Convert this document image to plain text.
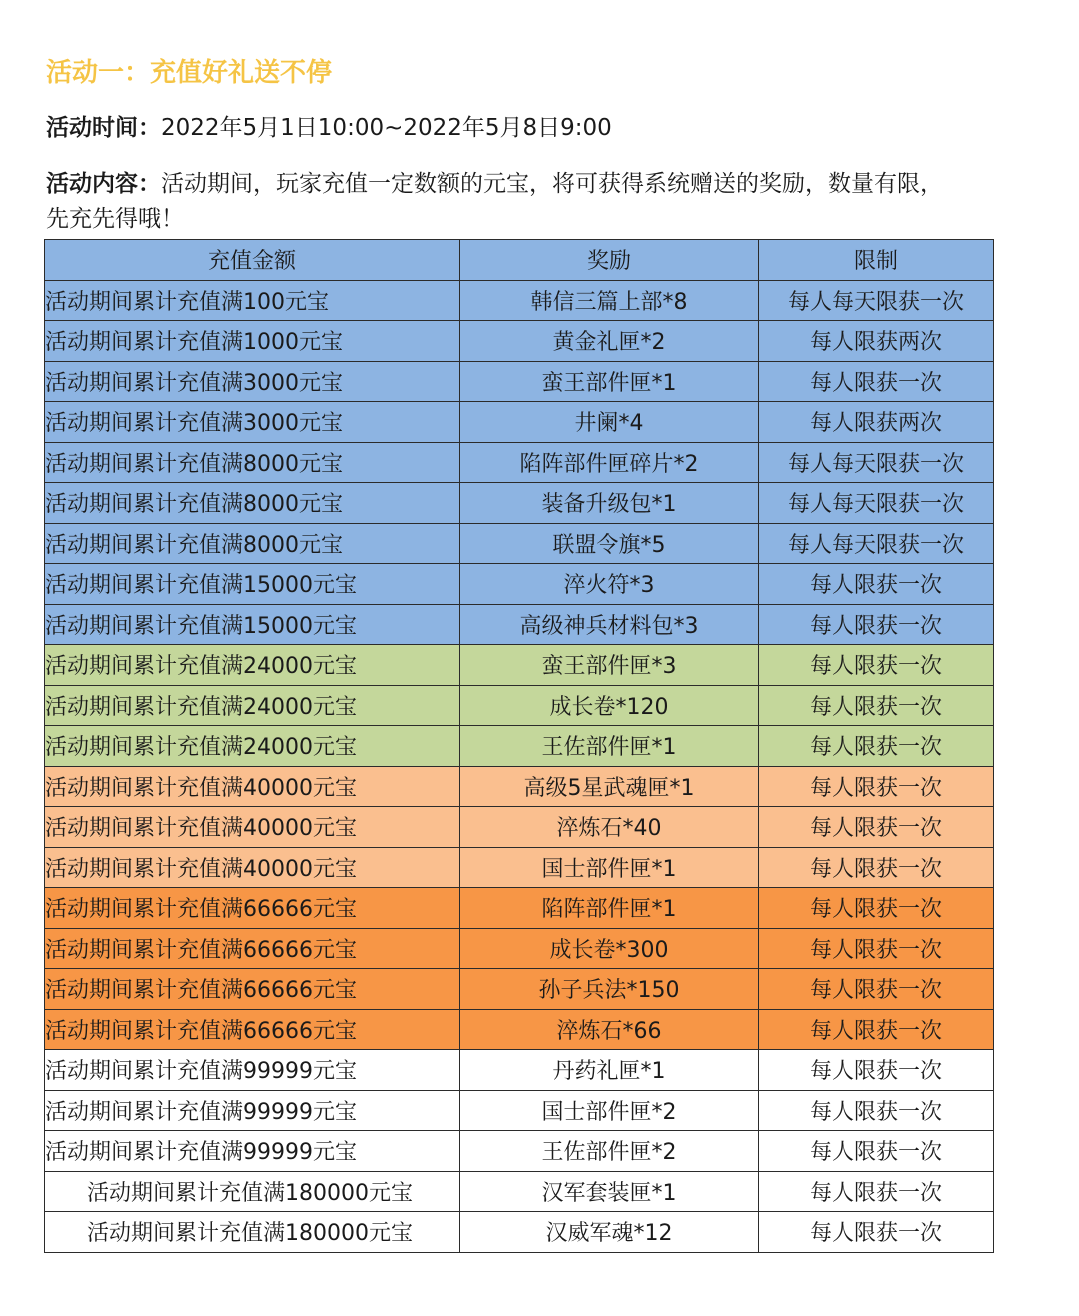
活动一：充值好礼送不停
活动时间：2022年5月1日10:00~2022年5月8日9:00
活动内容：活动期间，玩家充值一定数额的元宝，将可获得系统赠送的奖励，数量有限，
先充先得哦！
充值金额	奖励	限制
活动期间累计充值满100元宝	韩信三篇上部*8	每人每天限获一次
活动期间累计充值满1000元宝	黄金礼匣*2	每人限获两次
活动期间累计充值满3000元宝	蛮王部件匣*1	每人限获一次
活动期间累计充值满3000元宝	井阑*4	每人限获两次
活动期间累计充值满8000元宝	陷阵部件匣碎片*2	每人每天限获一次
活动期间累计充值满8000元宝	装备升级包*1	每人每天限获一次
活动期间累计充值满8000元宝	联盟令旗*5	每人每天限获一次
活动期间累计充值满15000元宝	淬火符*3	每人限获一次
活动期间累计充值满15000元宝	高级神兵材料包*3	每人限获一次
活动期间累计充值满24000元宝	蛮王部件匣*3	每人限获一次
活动期间累计充值满24000元宝	成长卷*120	每人限获一次
活动期间累计充值满24000元宝	王佐部件匣*1	每人限获一次
活动期间累计充值满40000元宝	高级5星武魂匣*1	每人限获一次
活动期间累计充值满40000元宝	淬炼石*40	每人限获一次
活动期间累计充值满40000元宝	国士部件匣*1	每人限获一次
活动期间累计充值满66666元宝	陷阵部件匣*1	每人限获一次
活动期间累计充值满66666元宝	成长卷*300	每人限获一次
活动期间累计充值满66666元宝	孙子兵法*150	每人限获一次
活动期间累计充值满66666元宝	淬炼石*66	每人限获一次
活动期间累计充值满99999元宝	丹药礼匣*1	每人限获一次
活动期间累计充值满99999元宝	国士部件匣*2	每人限获一次
活动期间累计充值满99999元宝	王佐部件匣*2	每人限获一次
活动期间累计充值满180000元宝	汉军套装匣*1	每人限获一次
活动期间累计充值满180000元宝	汉威军魂*12	每人限获一次
